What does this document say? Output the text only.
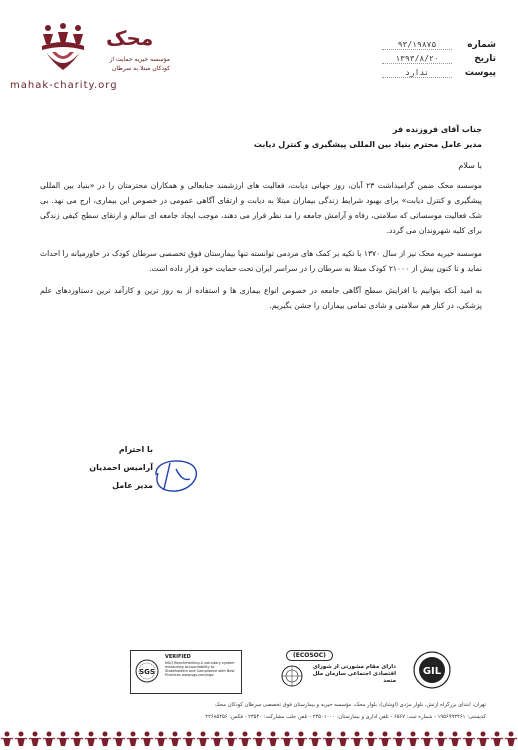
محک
مؤسسه خیریه حمایت از
کودکان مبتلا به سرطان
mahak-charity.org
شماره
۹۳/۱۹۸۷۵
تاریخ
۱۳۹۳/۸/۲۰
پیوست
ندارد
جناب آقای فروزنده فر
مدیر عامل محترم بنیاد بین المللی پیشگیری و کنترل دیابت
با سلام

موسسه محک ضمن گرامیداشت ۲۳ آبان، روز جهانی دیابت، فعالیت های ارزشمند جنابعالی و همکاران محترمتان را در «بنیاد بین المللی پیشگیری و کنترل دیابت» برای بهبود شرایط زندگی بیماران مبتلا به دیابت و ارتقای آگاهی عمومی در خصوص این بیماری، ارج می نهد. بی شک فعالیت موسساتی که سلامتی، رفاه و آرامش جامعه را مد نظر قرار می دهند، موجب ایجاد جامعه ای سالم و ارتقای سطح کیفی زندگی برای کلیه شهروندان می گردد.

موسسه خیریه محک نیز از سال ۱۳۷۰ با تکیه بر کمک های مردمی توانسته تنها بیمارستان فوق تخصصی سرطان کودک در خاورمیانه را احداث نماید و تا کنون بیش از ۲۱۰۰۰ کودک مبتلا به سرطان را در سراسر ایران تحت حمایت خود قرار داده است.

به امید آنکه بتوانیم با افزایش سطح آگاهی جامعه در خصوص انواع بیماری ها و استفاده از به روز ترین و کارآمد ترین دستاوردهای علم پزشکی، در کنار هم سلامتی و شادی تمامی بیماران را جشن بگیریم.

با احترام
آرامیس احمدیان
مدیر عامل
SGS
VERIFIED
NGO Benchmarking A voluntary system measuring Accountability to Stakeholders and Compliance with Best Practices www.sgs.com/ngo
(ECOSOC)
دارای مقام مشورتی از شورای اقتصادی اجتماعی سازمان ملل متحد
GIL
تهران، ابتدای بزرگراه ارتش، بلوار مژدی (اوشان)، بلوار محک، مؤسسه خیریه و بیمارستان فوق تخصصی سرطان کودکان محک
کدپستی: ۱۹۵۶۹۹۳۴۶۱ - شماره ثبت: ۶۵۶۷ - تلفن اداری و بیمارستان: ۲۳۵۰۱۰۰۰ - تلفن جلب مشارکت: ۲۳۵۴۰ - فکس: ۲۲۶۸۵۴۵۶
